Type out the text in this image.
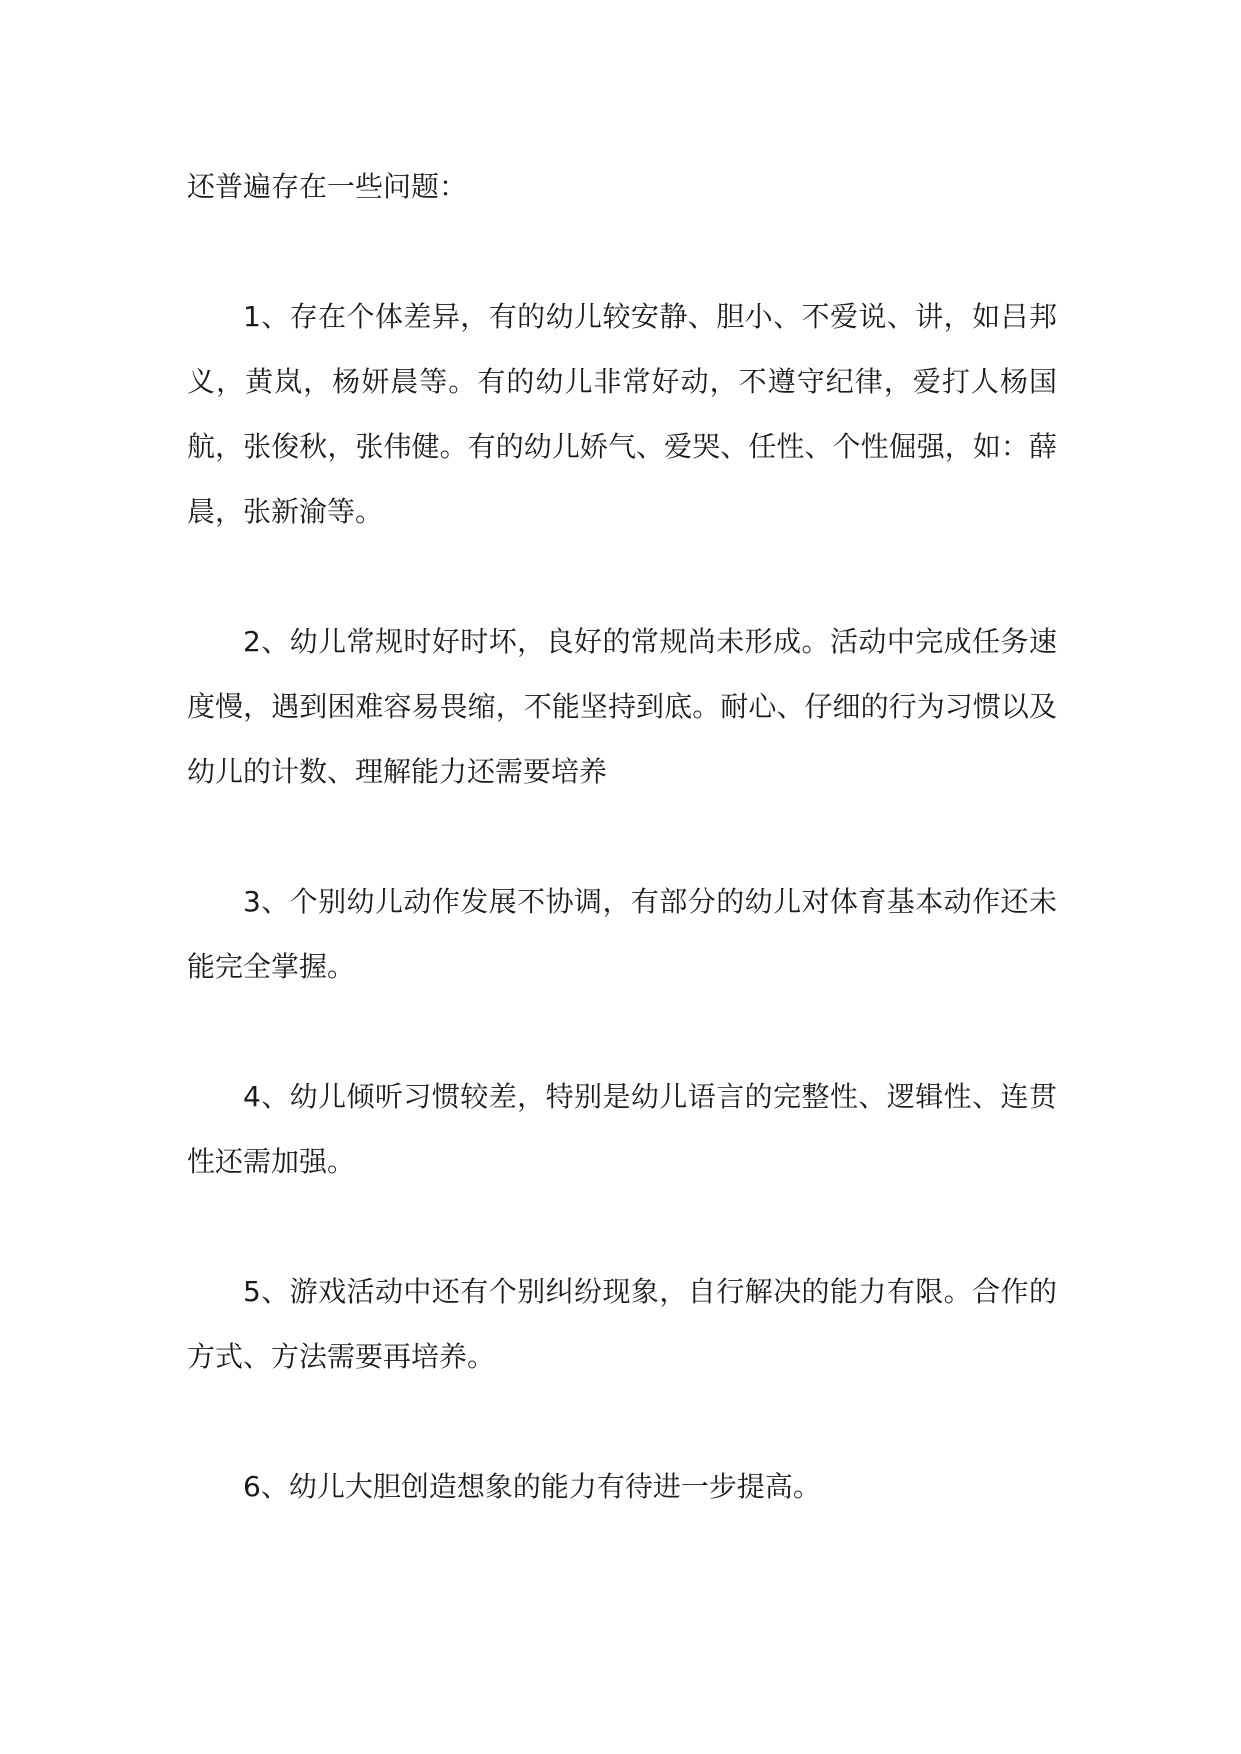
还普遍存在一些问题：

1、存在个体差异，有的幼儿较安静、胆小、不爱说、讲，如吕邦义，黄岚，杨妍晨等。有的幼儿非常好动，不遵守纪律，爱打人杨国航，张俊秋，张伟健。有的幼儿娇气、爱哭、任性、个性倔强，如：薛晨，张新渝等。

2、幼儿常规时好时坏，良好的常规尚未形成。活动中完成任务速度慢，遇到困难容易畏缩，不能坚持到底。耐心、仔细的行为习惯以及幼儿的计数、理解能力还需要培养

3、个别幼儿动作发展不协调，有部分的幼儿对体育基本动作还未能完全掌握。

4、幼儿倾听习惯较差，特别是幼儿语言的完整性、逻辑性、连贯性还需加强。

5、游戏活动中还有个别纠纷现象，自行解决的能力有限。合作的方式、方法需要再培养。

6、幼儿大胆创造想象的能力有待进一步提高。
